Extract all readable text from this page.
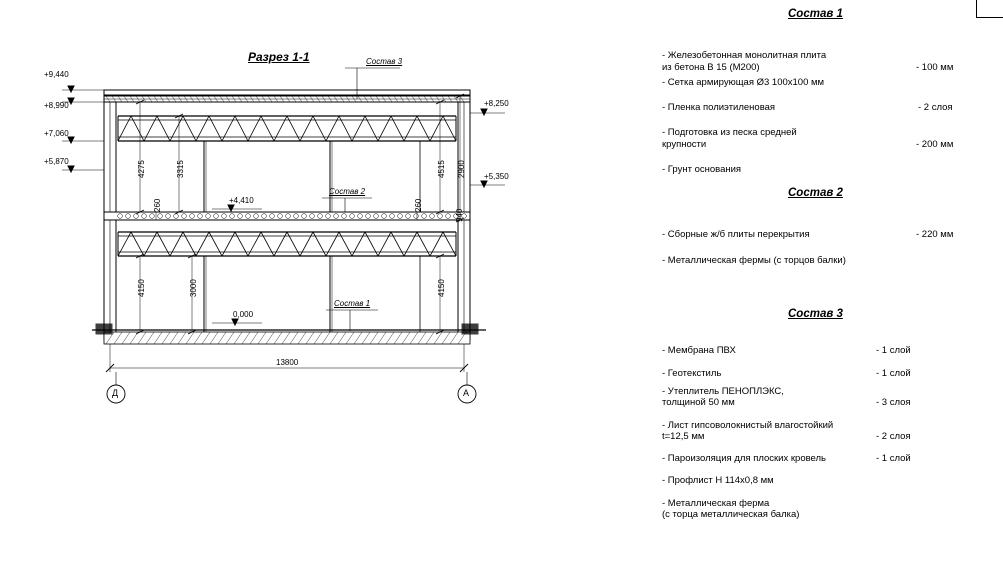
Разрез 1-1
+9,440
+8,990
+7,060
+5,870
+8,250
+5,350
+4,410
0,000
Состав 3
Состав 2
Состав 1
4275	3315
260	260
4515 2900
940
4150	3000	4150
13800
Д	А
Состав 1
- Железобетонная монолитная плита
из бетона В 15 (М200)	- 100 мм
- Сетка армирующая Ø3 100х100 мм
- Пленка полиэтиленовая	- 2 слоя
- Подготовка из песка средней
крупности	- 200 мм
- Грунт основания
Состав 2
- Сборные ж/б плиты перекрытия	- 220 мм
- Металлическая фермы (с торцов балки)
Состав 3
- Мембрана ПВХ	- 1 слой
- Геотекстиль	- 1 слой
- Утеплитель ПЕНОПЛЭКС,
толщиной 50 мм	- 3 слоя
- Лист гипсоволокнистый влагостойкий
t=12,5 мм	- 2 слоя
- Пароизоляция для плоских кровель	- 1 слой
- Профлист Н 114х0,8 мм
- Металлическая ферма
(с торца металлическая балка)
